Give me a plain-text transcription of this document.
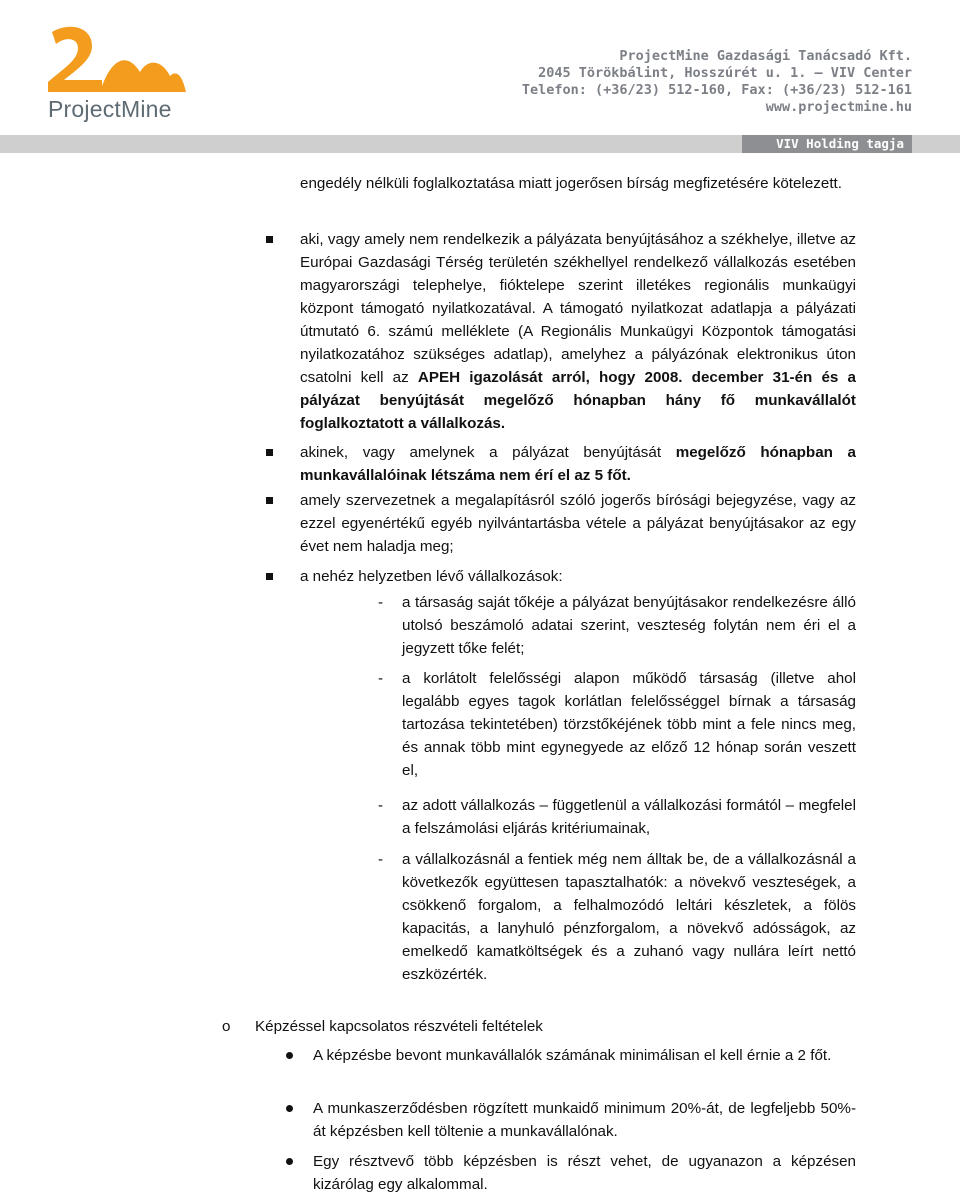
ProjectMine
ProjectMine Gazdasági Tanácsadó Kft.
2045 Törökbálint, Hosszúrét u. 1. – VIV Center
Telefon: (+36/23) 512-160, Fax: (+36/23) 512-161
www.projectmine.hu
VIV Holding tagja
engedély nélküli foglalkoztatása miatt jogerősen bírság megfizetésére kötelezett.
aki, vagy amely nem rendelkezik a pályázata benyújtásához a székhelye, illetve az Európai Gazdasági Térség területén székhellyel rendelkező vállalkozás esetében magyarországi telephelye, fióktelepe szerint illetékes regionális munkaügyi központ támogató nyilatkozatával. A támogató nyilatkozat adatlapja a pályázati útmutató 6. számú melléklete (A Regionális Munkaügyi Központok támogatási nyilatkozatához szükséges adatlap), amelyhez a pályázónak elektronikus úton csatolni kell az APEH igazolását arról, hogy 2008. december 31-én és a pályázat benyújtását megelőző hónapban hány fő munkavállalót foglalkoztatott a vállalkozás.
akinek, vagy amelynek a pályázat benyújtását megelőző hónapban a munkavállalóinak létszáma nem érí el az 5 főt.
amely szervezetnek a megalapításról szóló jogerős bírósági bejegyzése, vagy az ezzel egyenértékű egyéb nyilvántartásba vétele a pályázat benyújtásakor az egy évet nem haladja meg;
a nehéz helyzetben lévő vállalkozások:
- a társaság saját tőkéje a pályázat benyújtásakor rendelkezésre álló utolsó beszámoló adatai szerint, veszteség folytán nem éri el a jegyzett tőke felét;
- a korlátolt felelősségi alapon működő társaság (illetve ahol legalább egyes tagok korlátlan felelősséggel bírnak a társaság tartozása tekintetében) törzstőkéjének több mint a fele nincs meg, és annak több mint egynegyede az előző 12 hónap során veszett el,
- az adott vállalkozás – függetlenül a vállalkozási formától – megfelel a felszámolási eljárás kritériumainak,
- a vállalkozásnál a fentiek még nem álltak be, de a vállalkozásnál a következők együttesen tapasztalhatók: a növekvő veszteségek, a csökkenő forgalom, a felhalmozódó leltári készletek, a fölös kapacitás, a lanyhuló pénzforgalom, a növekvő adósságok, az emelkedő kamatköltségek és a zuhanó vagy nullára leírt nettó eszközérték.
o Képzéssel kapcsolatos részvételi feltételek
A képzésbe bevont munkavállalók számának minimálisan el kell érnie a 2 főt.
A munkaszerződésben rögzített munkaidő minimum 20%-át, de legfeljebb 50%-át képzésben kell töltenie a munkavállalónak.
Egy résztvevő több képzésben is részt vehet, de ugyanazon a képzésen kizárólag egy alkalommal.
